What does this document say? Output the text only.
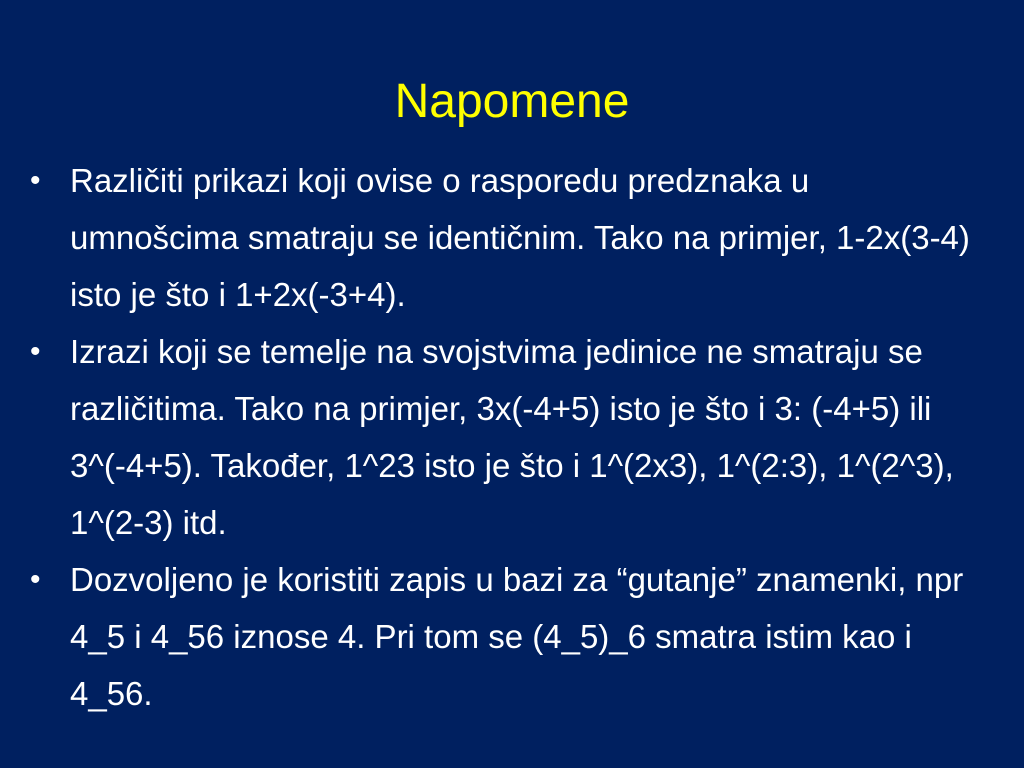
Napomene
• Različiti prikazi koji ovise o rasporedu predznaka u umnošcima smatraju se identičnim. Tako na primjer, 1-2x(3-4) isto je što i 1+2x(-3+4).
• Izrazi koji se temelje na svojstvima jedinice ne smatraju se različitima. Tako na primjer, 3x(-4+5) isto je što i 3: (-4+5) ili 3^(-4+5). Također, 1^23 isto je što i 1^(2x3), 1^(2:3), 1^(2^3), 1^(2-3) itd.
• Dozvoljeno je koristiti zapis u bazi za “gutanje” znamenki, npr 4_5 i 4_56 iznose 4. Pri tom se (4_5)_6 smatra istim kao i 4_56.
